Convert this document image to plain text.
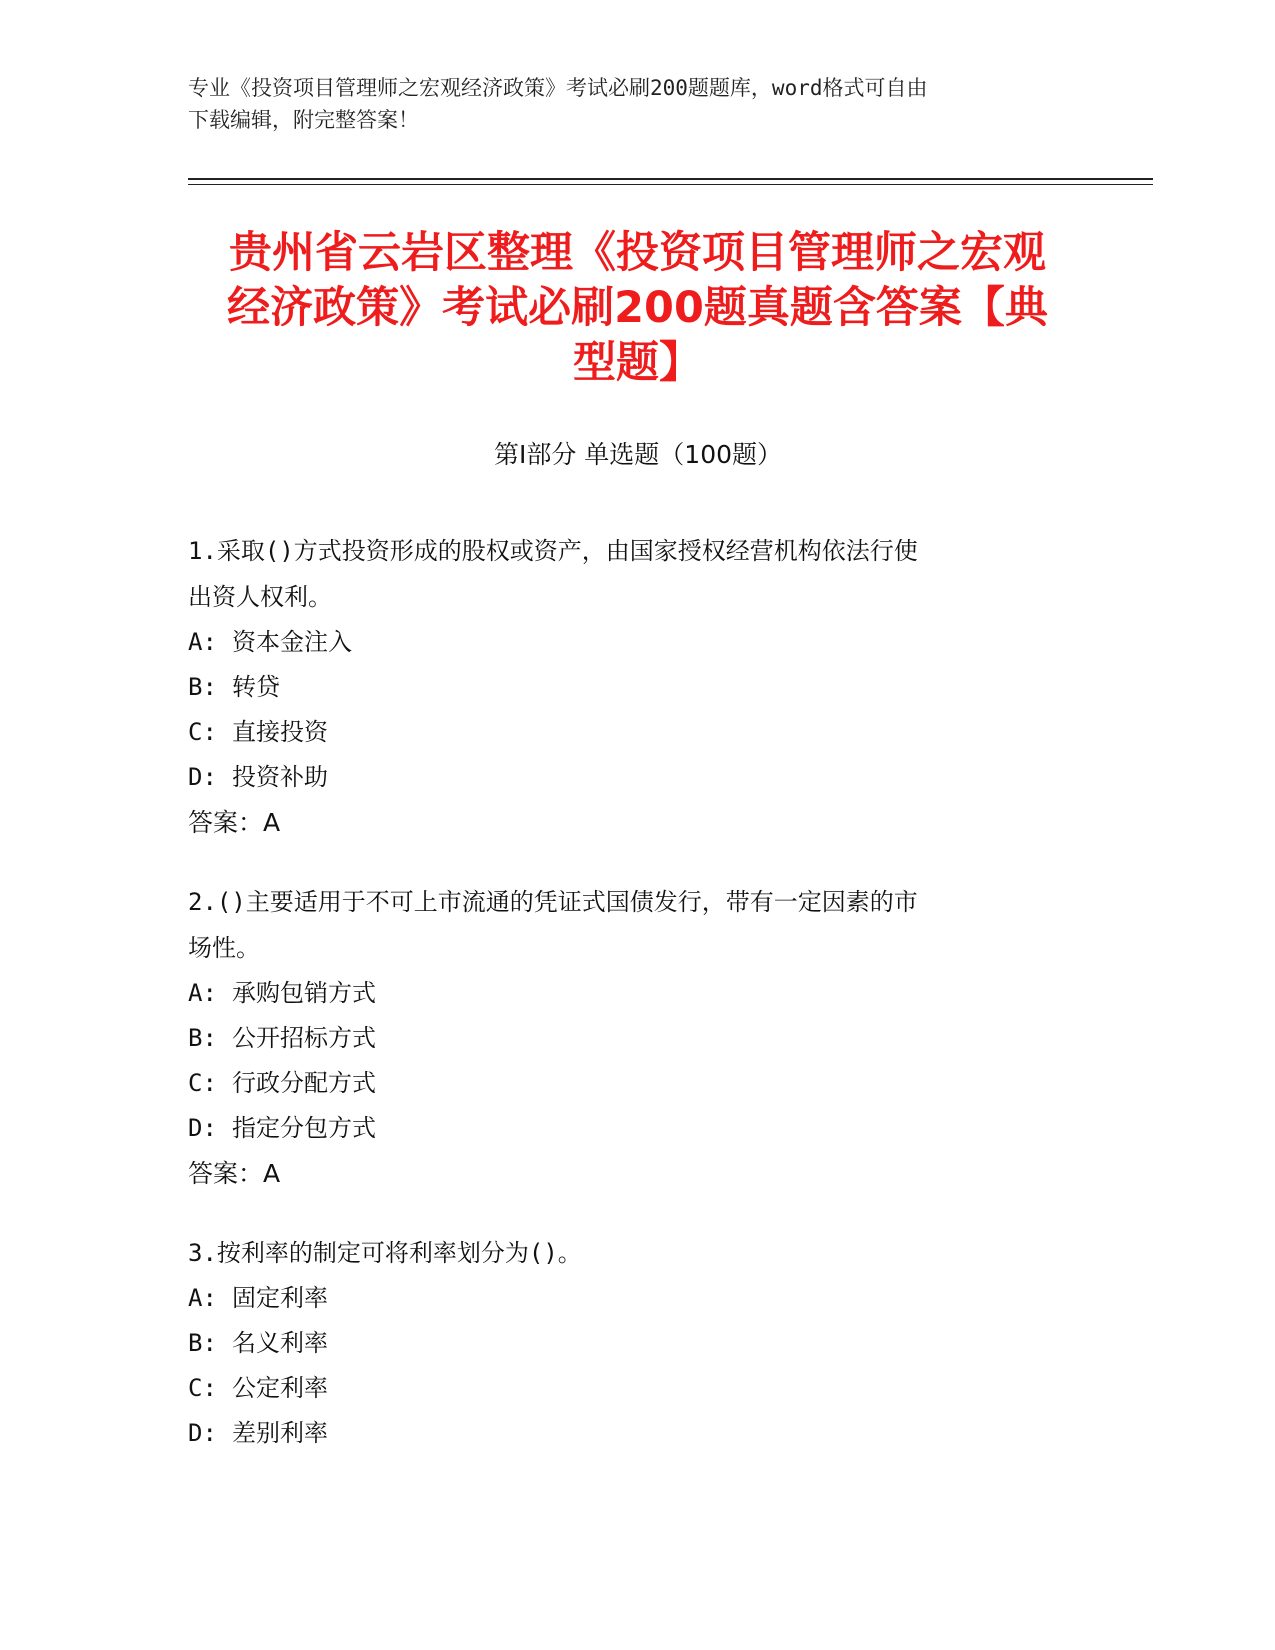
专业《投资项目管理师之宏观经济政策》考试必刷200题题库，word格式可自由
下载编辑，附完整答案！
贵州省云岩区整理《投资项目管理师之宏观
经济政策》考试必刷200题真题含答案【典
型题】
第Ⅰ部分 单选题（100题）
1.采取()方式投资形成的股权或资产，由国家授权经营机构依法行使
出资人权利。
A: 资本金注入
B: 转贷
C: 直接投资
D: 投资补助
答案：A
2.()主要适用于不可上市流通的凭证式国债发行，带有一定因素的市
场性。
A: 承购包销方式
B: 公开招标方式
C: 行政分配方式
D: 指定分包方式
答案：A
3.按利率的制定可将利率划分为()。
A: 固定利率
B: 名义利率
C: 公定利率
D: 差别利率
